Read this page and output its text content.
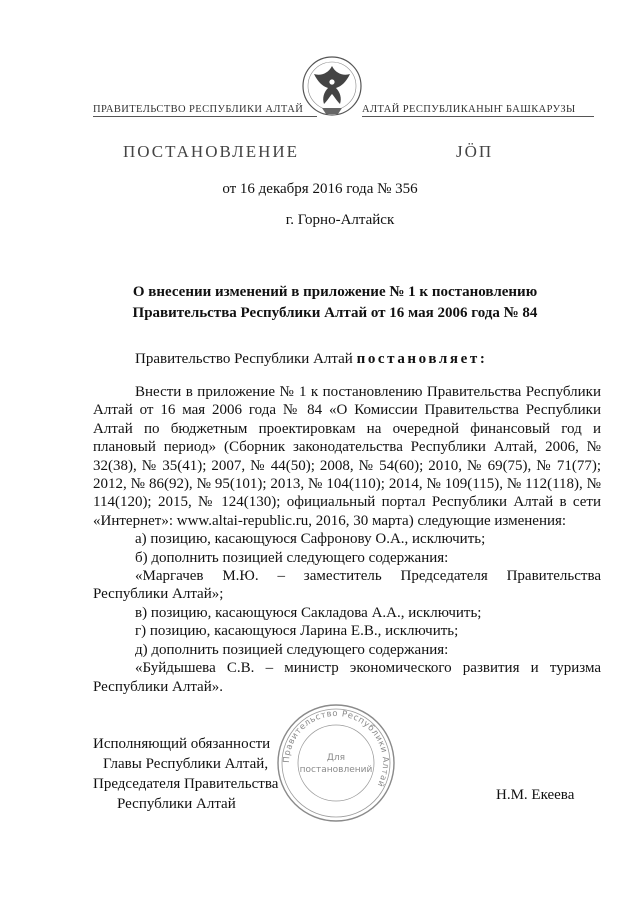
ПРАВИТЕЛЬСТВО РЕСПУБЛИКИ АЛТАЙ	АЛТАЙ РЕСПУБЛИКАНЫҤ БАШКАРУЗЫ
ПОСТАНОВЛЕНИЕ	JӦП
от 16 декабря 2016 года № 356
г. Горно-Алтайск
О внесении изменений в приложение № 1 к постановлению
Правительства Республики Алтай от 16 мая 2006 года № 84
Правительство Республики Алтай постановляет:

Внести в приложение № 1 к постановлению Правительства Республики Алтай от 16 мая 2006 года № 84 «О Комиссии Правительства Республики Алтай по бюджетным проектировкам на очередной финансовый год и плановый период» (Сборник законодательства Республики Алтай, 2006, № 32(38), № 35(41); 2007, № 44(50); 2008, № 54(60); 2010, № 69(75), № 71(77); 2012, № 86(92), № 95(101); 2013, № 104(110); 2014, № 109(115), № 112(118), № 114(120); 2015, № 124(130); официальный портал Республики Алтай в сети «Интернет»: www.altai-republic.ru, 2016, 30 марта) следующие изменения:

а) позицию, касающуюся Сафронову О.А., исключить;

б) дополнить позицией следующего содержания:

«Маргачев М.Ю. – заместитель Председателя Правительства Республики Алтай»;

в) позицию, касающуюся Сакладова А.А., исключить;

г) позицию, касающуюся Ларина Е.В., исключить;

д) дополнить позицией следующего содержания:

«Буйдышева С.В. – министр экономического развития и туризма Республики Алтай».

Исполняющий обязанности
Главы Республики Алтай,
Председателя Правительства
Республики Алтай
Н.М. Екеева
Правительство Республики Алтай
Для
постановлений
